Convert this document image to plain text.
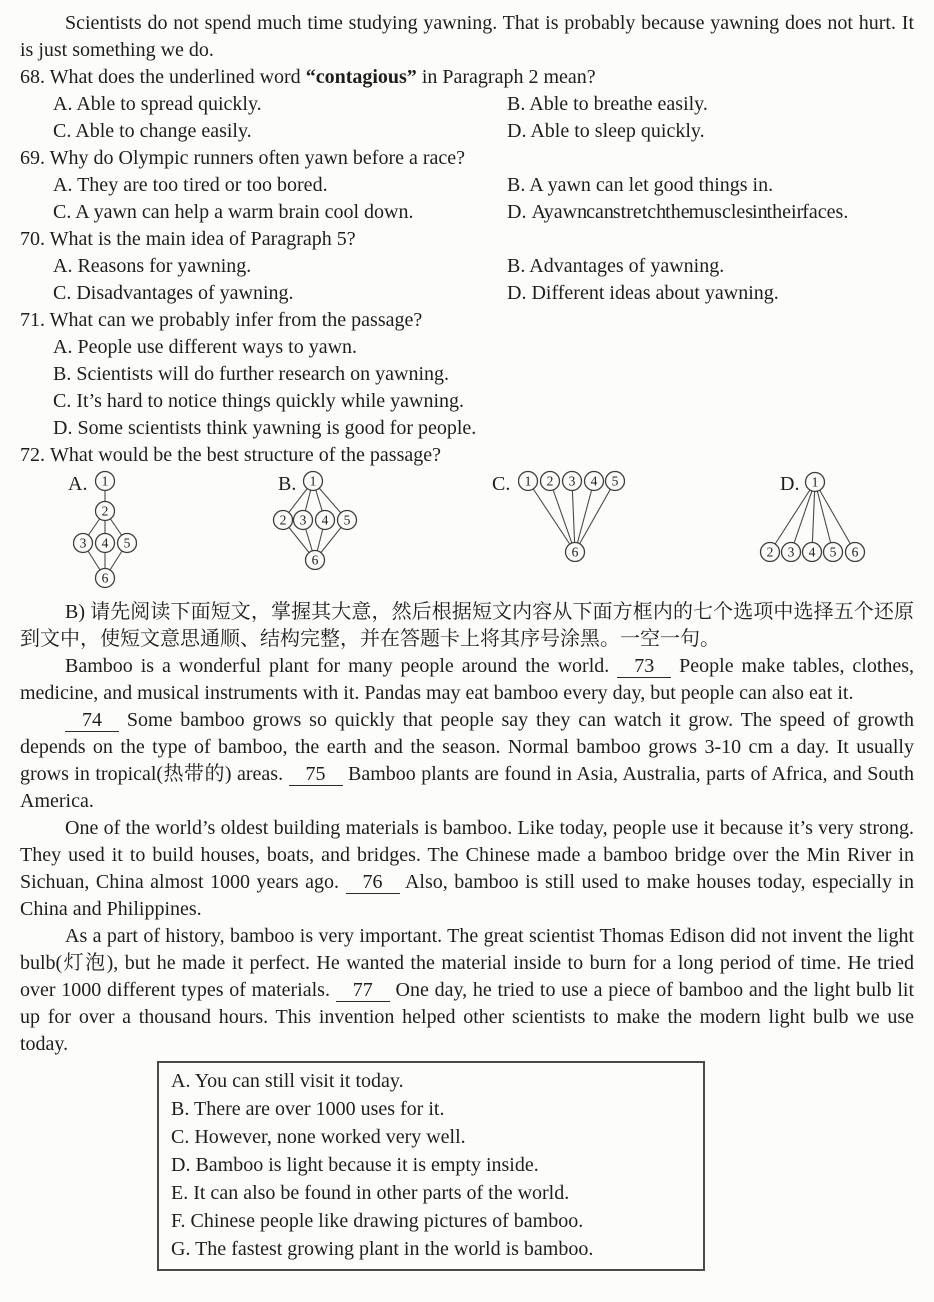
Scientists do not spend much time studying yawning. That is probably because yawning does not hurt. It is just something we do.

68. What does the underlined word “contagious” in Paragraph 2 mean?

A. Able to spread quickly.	B. Able to breathe easily.

C. Able to change easily.	D. Able to sleep quickly.

69. Why do Olympic runners often yawn before a race?

A. They are too tired or too bored.	B. A yawn can let good things in.

C. A yawn can help a warm brain cool down.	D. A yawn can stretch the muscles in their faces.

70. What is the main idea of Paragraph 5?

A. Reasons for yawning.	B. Advantages of yawning.

C. Disadvantages of yawning.	D. Different ideas about yawning.

71. What can we probably infer from the passage?

A. People use different ways to yawn.

B. Scientists will do further research on yawning.

C. It’s hard to notice things quickly while yawning.

D. Some scientists think yawning is good for people.

72. What would be the best structure of the passage?

A. 1
2
3 4 5
6
B. 1
2 3 4 5
6
C. 1 2 3 4 5
6
D. 1
2 3 4 5 6

B) 请先阅读下面短文，掌握其大意，然后根据短文内容从下面方框内的七个选项中选择五个还原到文中，使短文意思通顺、结构完整，并在答题卡上将其序号涂黑。一空一句。

Bamboo is a wonderful plant for many people around the world. 73 People make tables, clothes, medicine, and musical instruments with it. Pandas may eat bamboo every day, but people can also eat it.

74 Some bamboo grows so quickly that people say they can watch it grow. The speed of growth depends on the type of bamboo, the earth and the season. Normal bamboo grows 3-10 cm a day. It usually grows in tropical(热带的) areas. 75 Bamboo plants are found in Asia, Australia, parts of Africa, and South America.

One of the world’s oldest building materials is bamboo. Like today, people use it because it’s very strong. They used it to build houses, boats, and bridges. The Chinese made a bamboo bridge over the Min River in Sichuan, China almost 1000 years ago. 76 Also, bamboo is still used to make houses today, especially in China and Philippines.

As a part of history, bamboo is very important. The great scientist Thomas Edison did not invent the light bulb(灯泡), but he made it perfect. He wanted the material inside to burn for a long period of time. He tried over 1000 different types of materials. 77 One day, he tried to use a piece of bamboo and the light bulb lit up for over a thousand hours. This invention helped other scientists to make the modern light bulb we use today.

A. You can still visit it today.

B. There are over 1000 uses for it.

C. However, none worked very well.

D. Bamboo is light because it is empty inside.

E. It can also be found in other parts of the world.

F. Chinese people like drawing pictures of bamboo.

G. The fastest growing plant in the world is bamboo.
